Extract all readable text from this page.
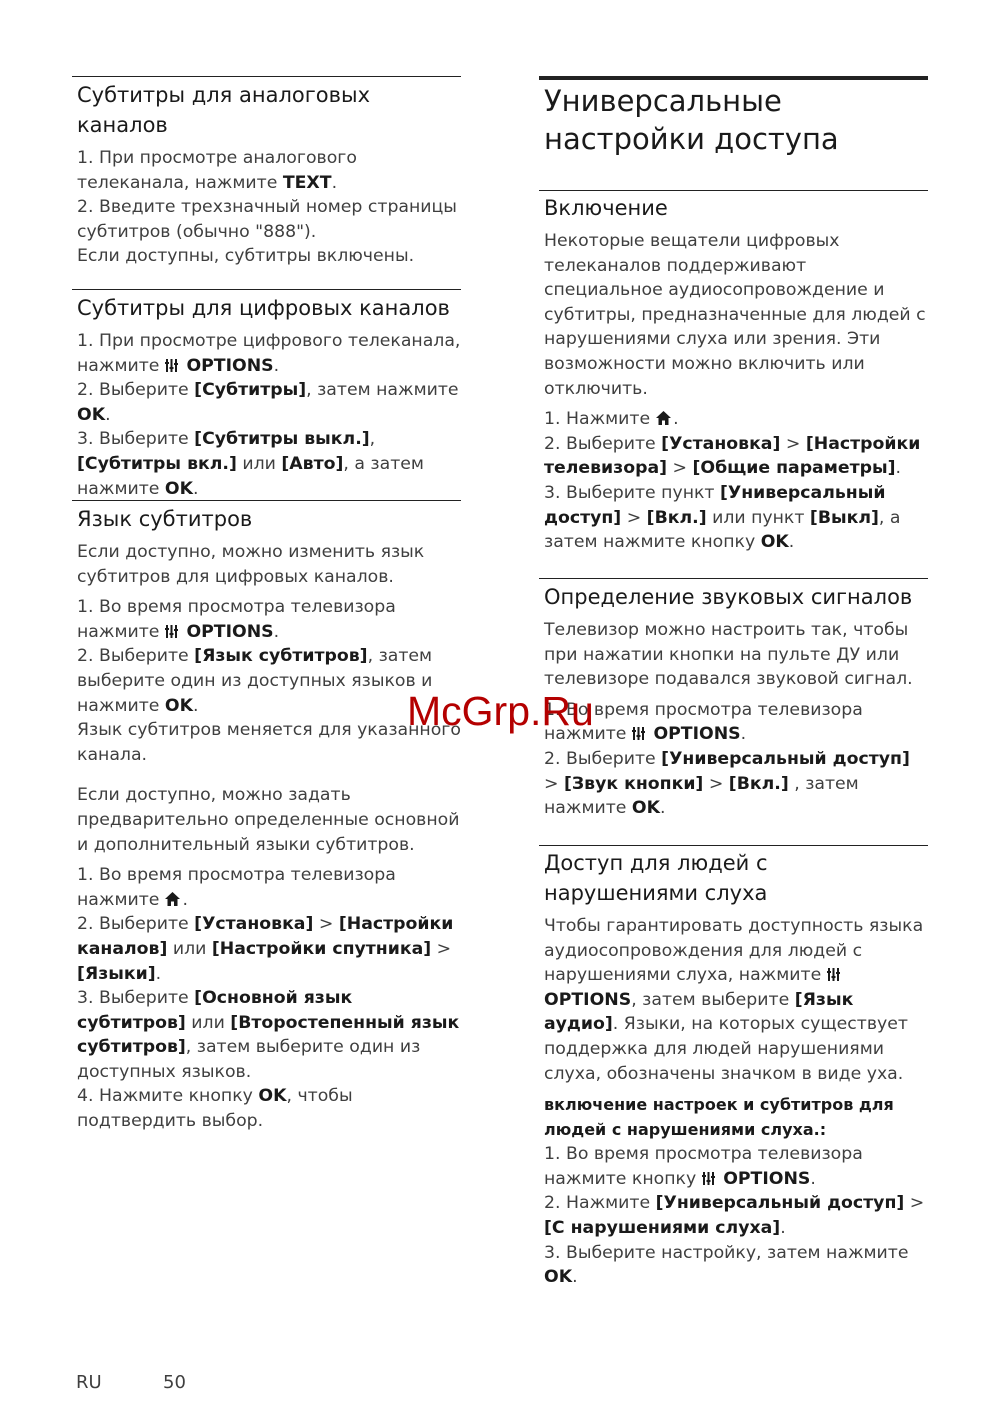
Субтитры для аналоговых каналов

1. При просмотре аналогового телеканала, нажмите TEXT.

2. Введите трехзначный номер страницы субтитров (обычно "888").

Если доступны, субтитры включены.

Субтитры для цифровых каналов

1. При просмотре цифрового телеканала, нажмите OPTIONS.

2. Выберите [Субтитры], затем нажмите OK.

3. Выберите [Субтитры выкл.], [Субтитры вкл.] или [Авто], а затем нажмите OK.

Язык субтитров

Если доступно, можно изменить язык субтитров для цифровых каналов.

1. Во время просмотра телевизора нажмите OPTIONS.

2. Выберите [Язык субтитров], затем выберите один из доступных языков и нажмите OK.

Язык субтитров меняется для указанного канала.

Если доступно, можно задать предварительно определенные основной и дополнительный языки субтитров.

1. Во время просмотра телевизора нажмите .

2. Выберите [Установка] > [Настройки каналов] или [Настройки спутника] > [Языки].

3. Выберите [Основной язык субтитров] или [Второстепенный язык субтитров], затем выберите один из доступных языков.

4. Нажмите кнопку OK, чтобы подтвердить выбор.

Универсальные настройки доступа
Включение

Некоторые вещатели цифровых телеканалов поддерживают специальное аудиосопровождение и субтитры, предназначенные для людей с нарушениями слуха или зрения. Эти возможности можно включить или отключить.

1. Нажмите .

2. Выберите [Установка] > [Настройки телевизора] > [Общие параметры].

3. Выберите пункт [Универсальный доступ] > [Вкл.] или пункт [Выкл], а затем нажмите кнопку OK.

Определение звуковых сигналов

Телевизор можно настроить так, чтобы при нажатии кнопки на пульте ДУ или телевизоре подавался звуковой сигнал.

1. Во время просмотра телевизора нажмите OPTIONS.

2. Выберите [Универсальный доступ] > [Звук кнопки] > [Вкл.] , затем нажмите OK.

Доступ для людей с нарушениями слуха

Чтобы гарантировать доступность языка аудиосопровождения для людей с нарушениями слуха, нажмите OPTIONS, затем выберите [Язык аудио]. Языки, на которых существует поддержка для людей нарушениями слуха, обозначены значком в виде уха.

включение настроек и субтитров для людей с нарушениями слуха.:

1. Во время просмотра телевизора нажмите кнопку OPTIONS.

2. Нажмите [Универсальный доступ] > [С нарушениями слуха].

3. Выберите настройку, затем нажмите OK.

McGrp.Ru
RU	50
